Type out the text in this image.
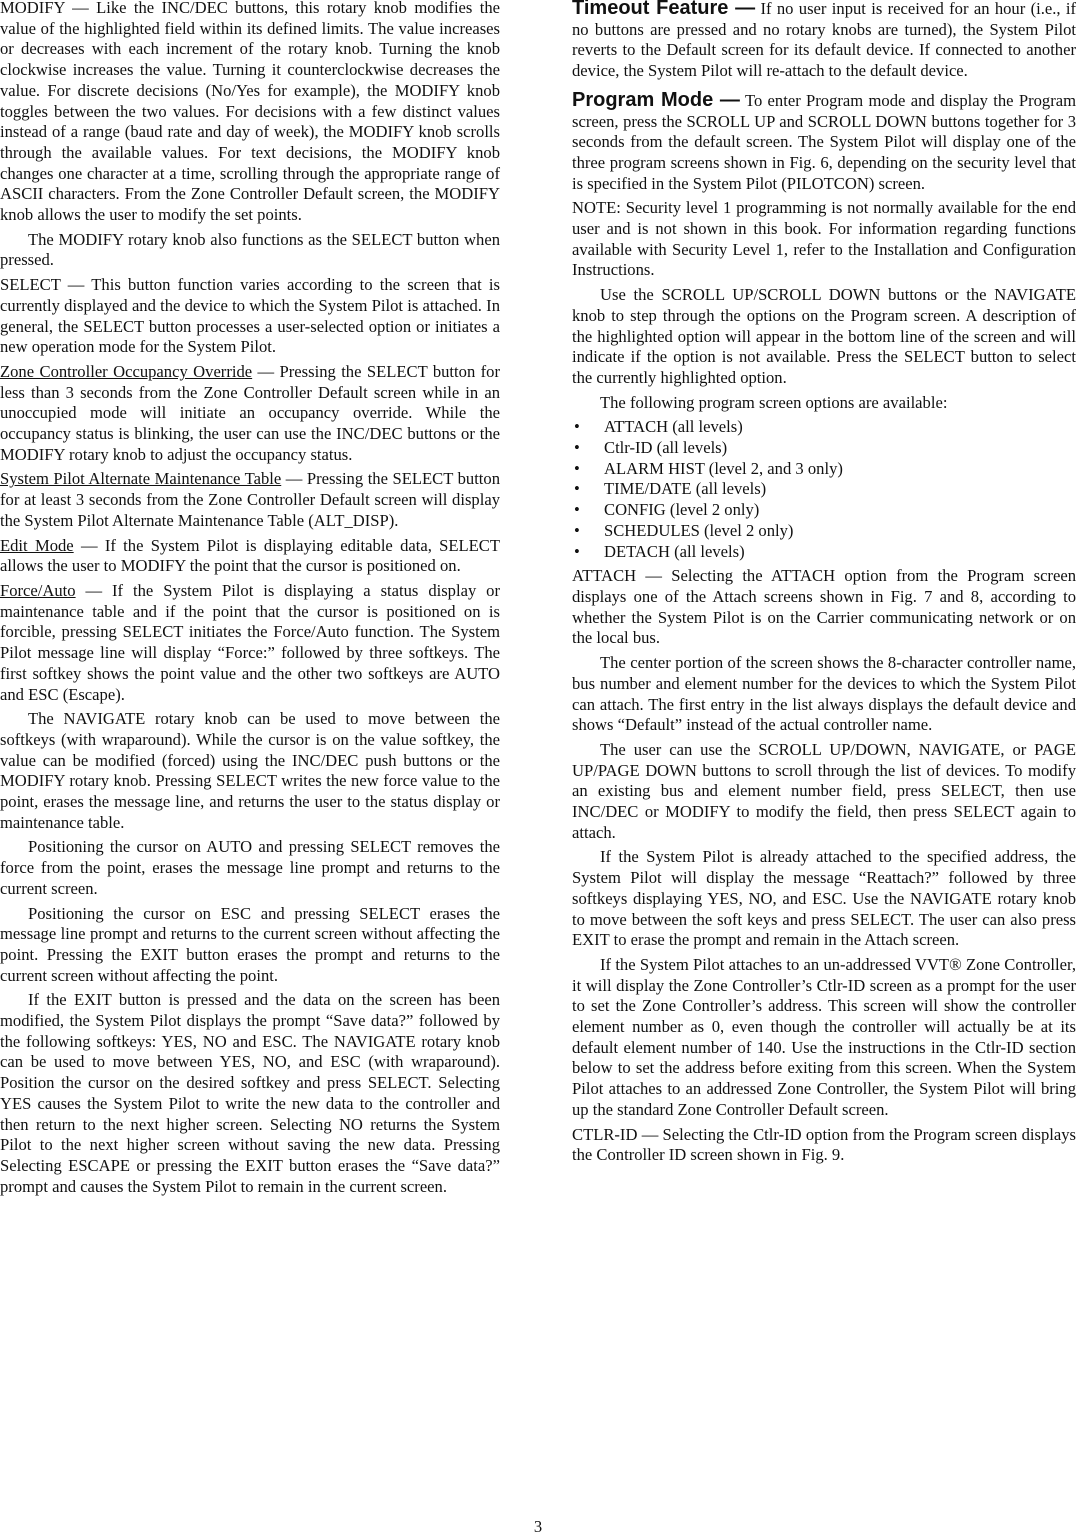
MODIFY — Like the INC/DEC buttons, this rotary knob modifies the value of the highlighted field within its defined limits. The value increases or decreases with each increment of the rotary knob. Turning the knob clockwise increases the value. Turning it counterclockwise decreases the value. For discrete decisions (No/Yes for example), the MODIFY knob toggles between the two values. For decisions with a few distinct values instead of a range (baud rate and day of week), the MODIFY knob scrolls through the available values. For text decisions, the MODIFY knob changes one character at a time, scrolling through the appropriate range of ASCII characters. From the Zone Controller Default screen, the MODIFY knob allows the user to modify the set points.

The MODIFY rotary knob also functions as the SELECT button when pressed.

SELECT — This button function varies according to the screen that is currently displayed and the device to which the System Pilot is attached. In general, the SELECT button processes a user-selected option or initiates a new operation mode for the System Pilot.

Zone Controller Occupancy Override — Pressing the SELECT button for less than 3 seconds from the Zone Controller Default screen while in an unoccupied mode will initiate an occupancy override. While the occupancy status is blinking, the user can use the INC/DEC buttons or the MODIFY rotary knob to adjust the occupancy status.

System Pilot Alternate Maintenance Table — Pressing the SELECT button for at least 3 seconds from the Zone Controller Default screen will display the System Pilot Alternate Maintenance Table (ALT_DISP).

Edit Mode — If the System Pilot is displaying editable data, SELECT allows the user to MODIFY the point that the cursor is positioned on.

Force/Auto — If the System Pilot is displaying a status display or maintenance table and if the point that the cursor is positioned on is forcible, pressing SELECT initiates the Force/Auto function. The System Pilot message line will display “Force:” followed by three softkeys. The first softkey shows the point value and the other two softkeys are AUTO and ESC (Escape).

The NAVIGATE rotary knob can be used to move between the softkeys (with wraparound). While the cursor is on the value softkey, the value can be modified (forced) using the INC/DEC push buttons or the MODIFY rotary knob. Pressing SELECT writes the new force value to the point, erases the message line, and returns the user to the status display or maintenance table.

Positioning the cursor on AUTO and pressing SELECT removes the force from the point, erases the message line prompt and returns to the current screen.

Positioning the cursor on ESC and pressing SELECT erases the message line prompt and returns to the current screen without affecting the point. Pressing the EXIT button erases the prompt and returns to the current screen without affecting the point.

If the EXIT button is pressed and the data on the screen has been modified, the System Pilot displays the prompt “Save data?” followed by the following softkeys: YES, NO and ESC. The NAVIGATE rotary knob can be used to move between YES, NO, and ESC (with wraparound). Position the cursor on the desired softkey and press SELECT. Selecting YES causes the System Pilot to write the new data to the controller and then return to the next higher screen. Selecting NO returns the System Pilot to the next higher screen without saving the new data. Pressing Selecting ESCAPE or pressing the EXIT button erases the “Save data?” prompt and causes the System Pilot to remain in the current screen.

Timeout Feature — If no user input is received for an hour (i.e., if no buttons are pressed and no rotary knobs are turned), the System Pilot reverts to the Default screen for its default device. If connected to another device, the System Pilot will re-attach to the default device.

Program Mode — To enter Program mode and display the Program screen, press the SCROLL UP and SCROLL DOWN buttons together for 3 seconds from the default screen. The System Pilot will display one of the three program screens shown in Fig. 6, depending on the security level that is specified in the System Pilot (PILOTCON) screen.

NOTE: Security level 1 programming is not normally available for the end user and is not shown in this book. For information regarding functions available with Security Level 1, refer to the Installation and Configuration Instructions.

Use the SCROLL UP/SCROLL DOWN buttons or the NAVIGATE knob to step through the options on the Program screen. A description of the highlighted option will appear in the bottom line of the screen and will indicate if the option is not available. Press the SELECT button to select the currently highlighted option.

The following program screen options are available:

• ATTACH (all levels)
• Ctlr-ID (all levels)
• ALARM HIST (level 2, and 3 only)
• TIME/DATE (all levels)
• CONFIG (level 2 only)
• SCHEDULES (level 2 only)
• DETACH (all levels)

ATTACH — Selecting the ATTACH option from the Program screen displays one of the Attach screens shown in Fig. 7 and 8, according to whether the System Pilot is on the Carrier communicating network or on the local bus.

The center portion of the screen shows the 8-character controller name, bus number and element number for the devices to which the System Pilot can attach. The first entry in the list always displays the default device and shows “Default” instead of the actual controller name.

The user can use the SCROLL UP/DOWN, NAVIGATE, or PAGE UP/PAGE DOWN buttons to scroll through the list of devices. To modify an existing bus and element number field, press SELECT, then use INC/DEC or MODIFY to modify the field, then press SELECT again to attach.

If the System Pilot is already attached to the specified address, the System Pilot will display the message “Reattach?” followed by three softkeys displaying YES, NO, and ESC. Use the NAVIGATE rotary knob to move between the soft keys and press SELECT. The user can also press EXIT to erase the prompt and remain in the Attach screen.

If the System Pilot attaches to an un-addressed VVT® Zone Controller, it will display the Zone Controller’s Ctlr-ID screen as a prompt for the user to set the Zone Controller’s address. This screen will show the controller element number as 0, even though the controller will actually be at its default element number of 140. Use the instructions in the Ctlr-ID section below to set the address before exiting from this screen. When the System Pilot attaches to an addressed Zone Controller, the System Pilot will bring up the standard Zone Controller Default screen.

CTLR-ID — Selecting the Ctlr-ID option from the Program screen displays the Controller ID screen shown in Fig. 9.

3
